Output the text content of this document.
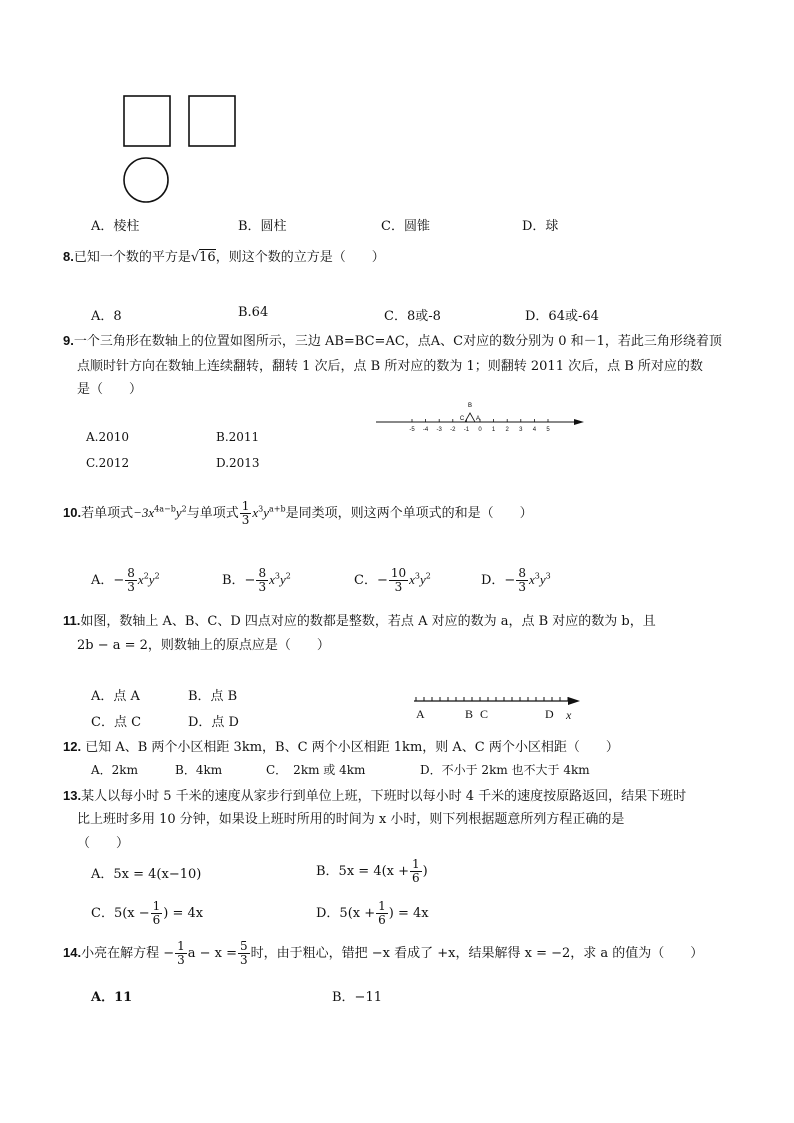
A．棱柱	B．圆柱	C．圆锥	D．球
8.已知一个数的平方是√16，则这个数的立方是（　　）
A．8	B.64	C．8或-8	D．64或-64
9.一个三角形在数轴上的位置如图所示，三边 AB=BC=AC，点A、C对应的数分别为 0 和－1，若此三角形绕着顶
点顺时针方向在数轴上连续翻转，翻转 1 次后，点 B 所对应的数为 1；则翻转 2011 次后，点 B 所对应的数
是（　　）
-5 -4 -3 -2 -1 0 1 2 3 4 5
B
C A
A.2010	B.2011
C.2012	D.2013
10.若单项式$-3x^{4a-b}y^2$与单项式 $\frac{1}{3} x^3y^{a+b}$是同类项，则这两个单项式的和是（　　）
A．− $\frac{8}{3} x^2y^2$	B．− $\frac{8}{3} x^3y^2$	C．− $\frac{10}{3} x^3y^2$	D．− $\frac{8}{3} x^3y^3$
11.如图，数轴上 A、B、C、D 四点对应的数都是整数，若点 A 对应的数为 a，点 B 对应的数为 b，且
2b − a = 2，则数轴上的原点应是（　　）
A．点 A	B．点 B
C．点 C	D．点 D
A	B C	D x
12. 已知 A、B 两个小区相距 3km，B、C 两个小区相距 1km，则 A、C 两个小区相距（　　）
A．2km	B．4km	C．　2km 或 4km	D．不小于 2km 也不大于 4km
13.某人以每小时 5 千米的速度从家步行到单位上班，下班时以每小时 4 千米的速度按原路返回，结果下班时
比上班时多用 10 分钟，如果设上班时所用的时间为 x 小时，则下列根据题意所列方程正确的是
（　　）
A．5x = 4(x−10)	B．$5x = 4(x + \frac{1}{6}$ )
C．$5(x - \frac{1}{6}$ ) = 4x	D．$5(x + \frac{1}{6}$ ) = 4x
14.小亮在解方程 − $\frac{1}{3}$ $a - x = \frac{5}{3}$ 时，由于粗心，错把 −x 看成了 +x，结果解得 x = −2，求 a 的值为（　　）
A．11	B．−11
